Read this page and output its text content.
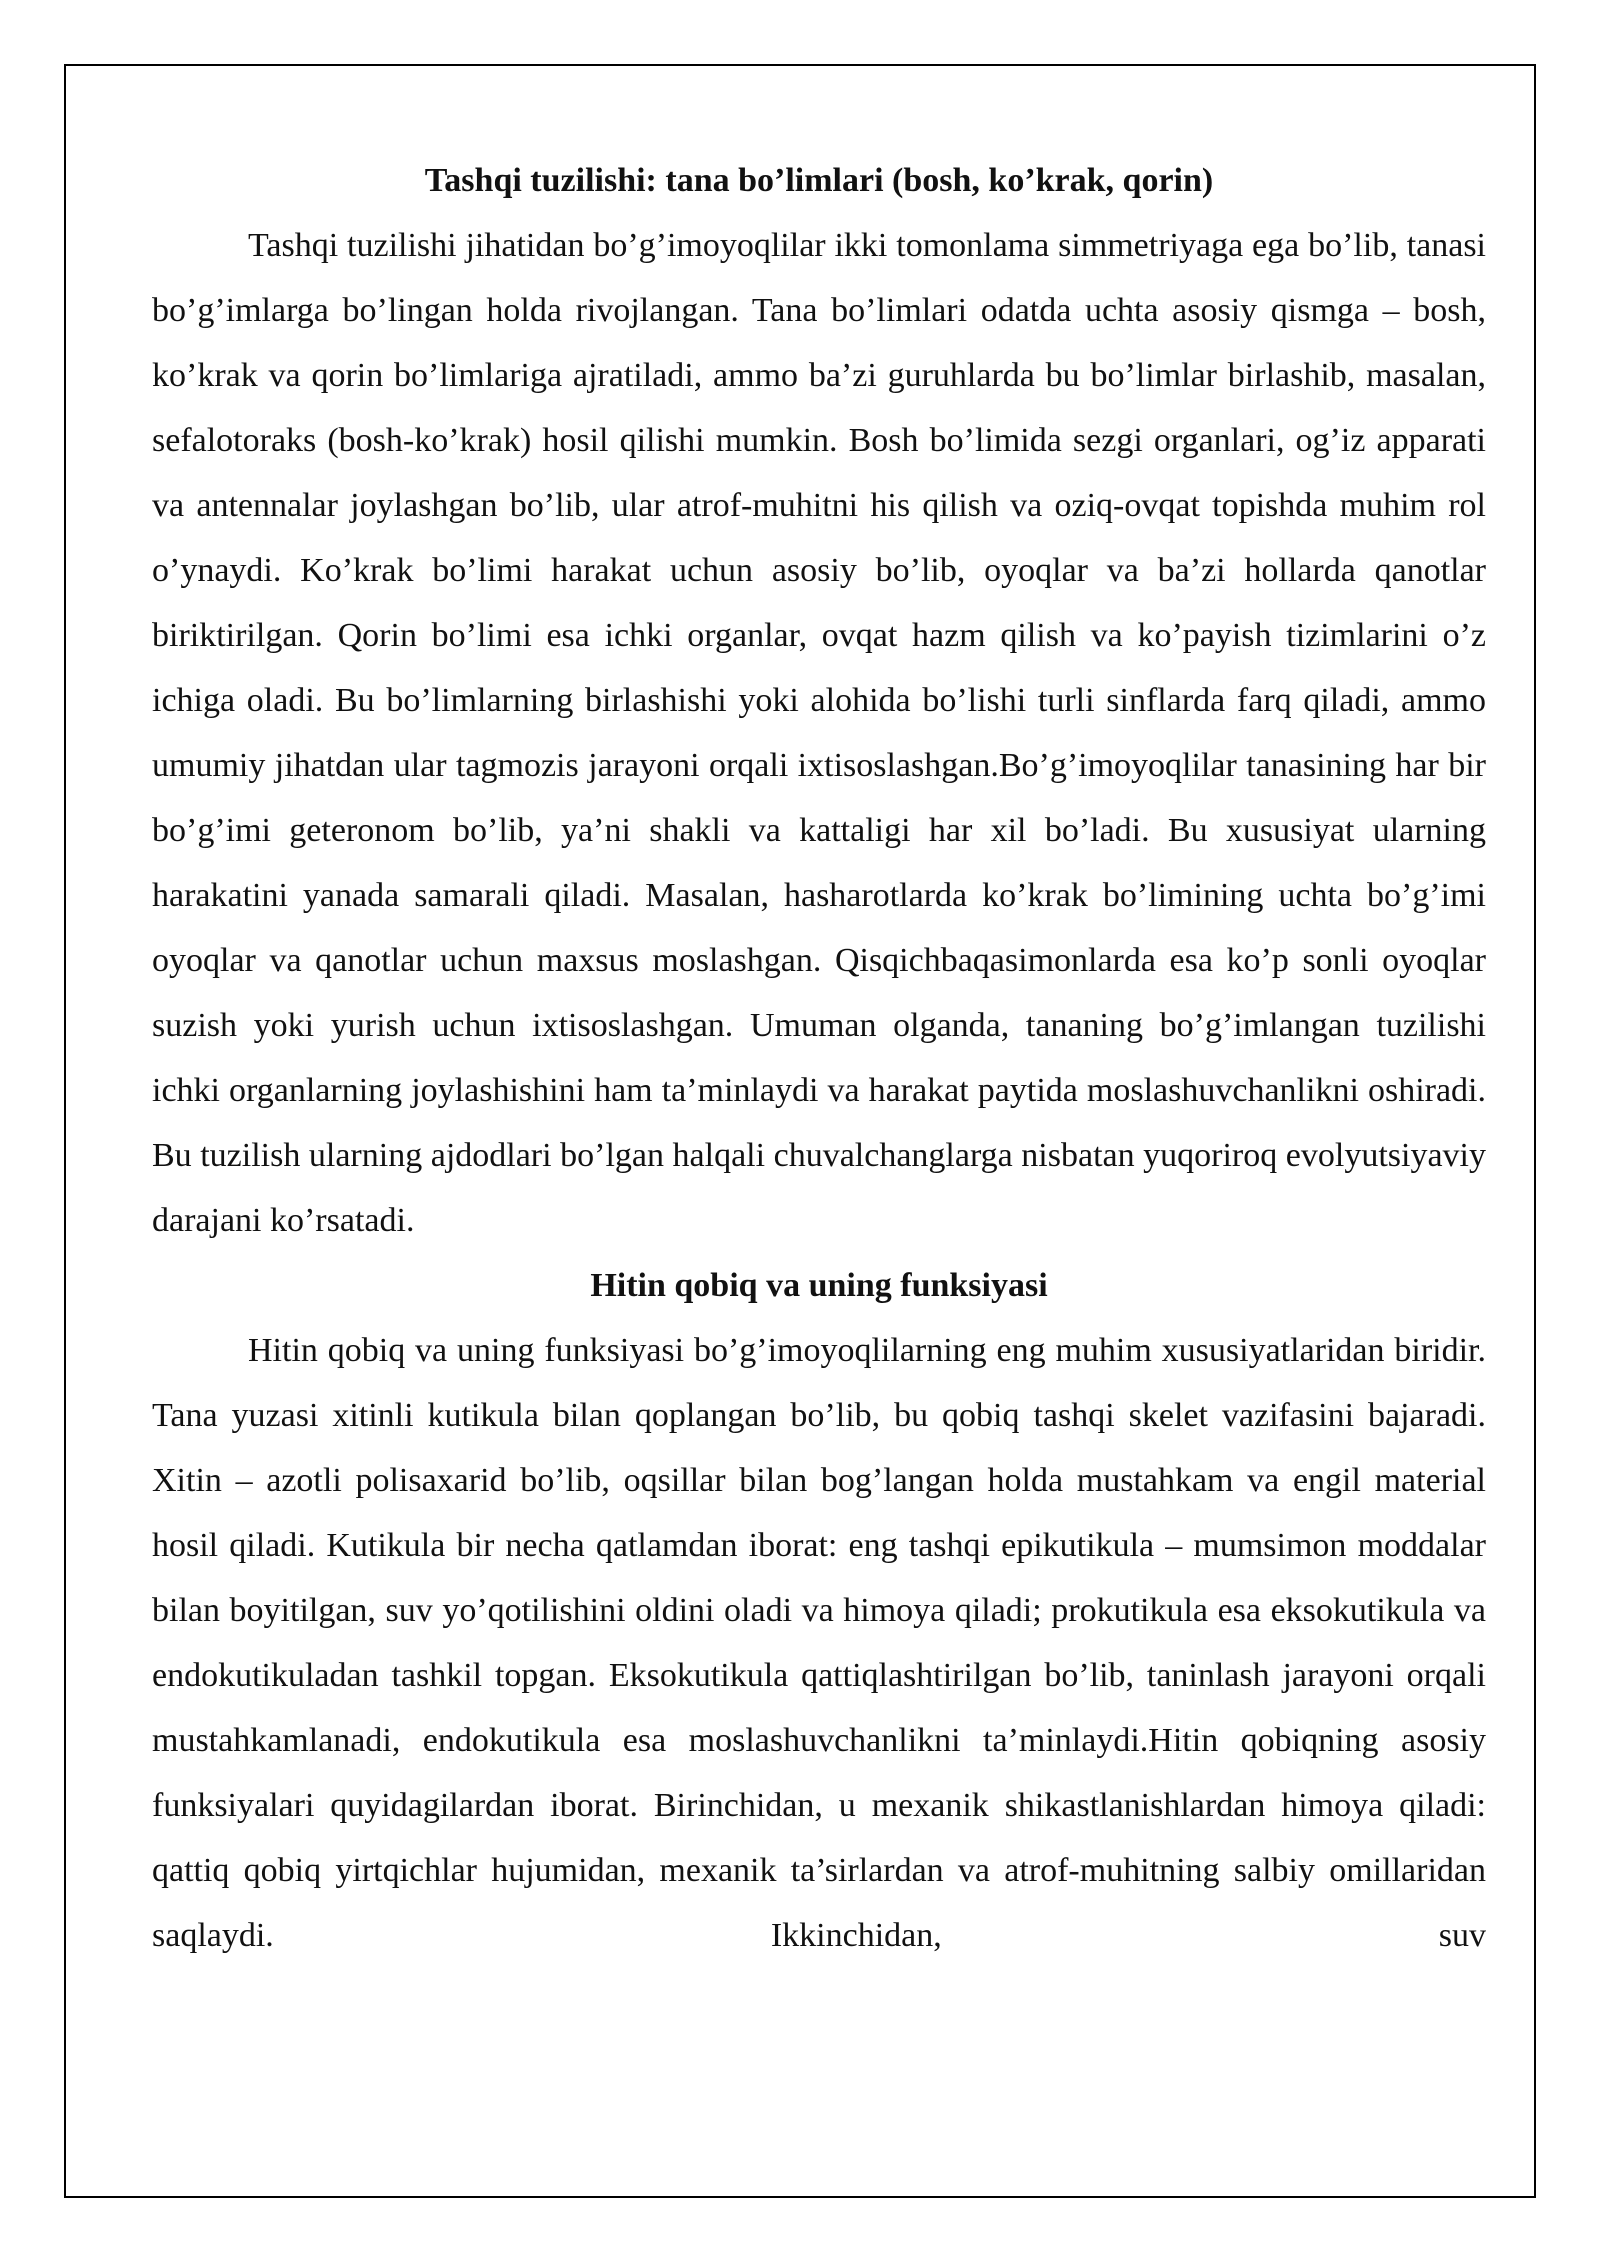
Tashqi tuzilishi: tana bo’limlari (bosh, ko’krak, qorin)

Tashqi tuzilishi jihatidan bo’g’imoyoqlilar ikki tomonlama simmetriyaga ega bo’lib, tanasi bo’g’imlarga bo’lingan holda rivojlangan. Tana bo’limlari odatda uchta asosiy qismga – bosh, ko’krak va qorin bo’limlariga ajratiladi, ammo ba’zi guruhlarda bu bo’limlar birlashib, masalan, sefalotoraks (bosh-ko’krak) hosil qilishi mumkin. Bosh bo’limida sezgi organlari, og’iz apparati va antennalar joylashgan bo’lib, ular atrof-muhitni his qilish va oziq-ovqat topishda muhim rol o’ynaydi. Ko’krak bo’limi harakat uchun asosiy bo’lib, oyoqlar va ba’zi hollarda qanotlar biriktirilgan. Qorin bo’limi esa ichki organlar, ovqat hazm qilish va ko’payish tizimlarini o’z ichiga oladi. Bu bo’limlarning birlashishi yoki alohida bo’lishi turli sinflarda farq qiladi, ammo umumiy jihatdan ular tagmozis jarayoni orqali ixtisoslashgan.Bo’g’imoyoqlilar tanasining har bir bo’g’imi geteronom bo’lib, ya’ni shakli va kattaligi har xil bo’ladi. Bu xususiyat ularning harakatini yanada samarali qiladi. Masalan, hasharotlarda ko’krak bo’limining uchta bo’g’imi oyoqlar va qanotlar uchun maxsus moslashgan. Qisqichbaqasimonlarda esa ko’p sonli oyoqlar suzish yoki yurish uchun ixtisoslashgan. Umuman olganda, tananing bo’g’imlangan tuzilishi ichki organlarning joylashishini ham ta’minlaydi va harakat paytida moslashuvchanlikni oshiradi. Bu tuzilish ularning ajdodlari bo’lgan halqali chuvalchanglarga nisbatan yuqoriroq evolyutsiyaviy darajani ko’rsatadi.

Hitin qobiq va uning funksiyasi

Hitin qobiq va uning funksiyasi bo’g’imoyoqlilarning eng muhim xususiyatlaridan biridir. Tana yuzasi xitinli kutikula bilan qoplangan bo’lib, bu qobiq tashqi skelet vazifasini bajaradi. Xitin – azotli polisaxarid bo’lib, oqsillar bilan bog’langan holda mustahkam va engil material hosil qiladi. Kutikula bir necha qatlamdan iborat: eng tashqi epikutikula – mumsimon moddalar bilan boyitilgan, suv yo’qotilishini oldini oladi va himoya qiladi; prokutikula esa eksokutikula va endokutikuladan tashkil topgan. Eksokutikula qattiqlashtirilgan bo’lib, taninlash jarayoni orqali mustahkamlanadi, endokutikula esa moslashuvchanlikni ta’minlaydi.Hitin qobiqning asosiy funksiyalari quyidagilardan iborat. Birinchidan, u mexanik shikastlanishlardan himoya qiladi: qattiq qobiq yirtqichlar hujumidan, mexanik ta’sirlardan va atrof-muhitning salbiy omillaridan saqlaydi. Ikkinchidan, suv
